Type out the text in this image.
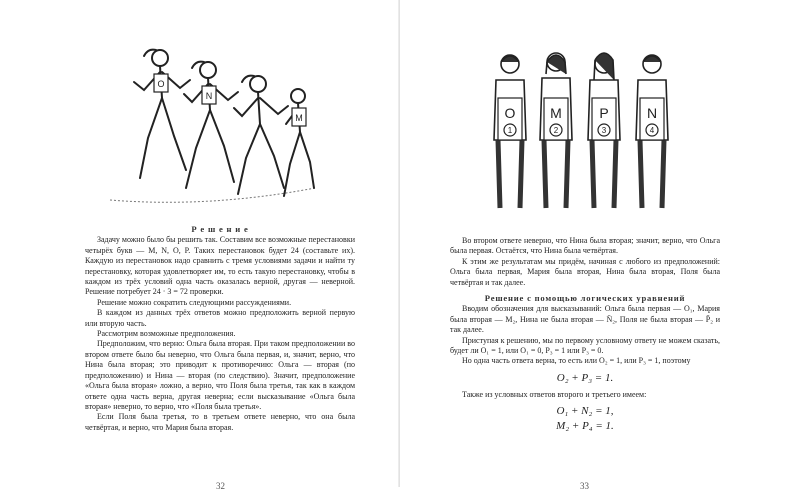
O
N
M

Р е ш е н и е

Задачу можно было бы решить так. Составим все возможные перестановки четырёх букв — M, N, O, P. Таких перестановок будет 24 (составьте их). Каждую из перестановок надо сравнить с тремя условиями задачи и найти ту перестановку, которая удовлетворяет им, то есть такую перестановку, чтобы в каждом из трёх условий одна часть оказалась верной, другая — неверной. Решение потребует 24 · 3 = 72 проверки.

Решение можно сократить следующими рассуждениями.

В каждом из данных трёх ответов можно предположить верной первую или вторую часть.

Рассмотрим возможные предположения.

Предположим, что верно: Ольга была вторая. При таком предположении во втором ответе было бы неверно, что Ольга была первая, и, значит, верно, что Нина была вторая; это приводит к противоречию: Ольга — вторая (по предположению) и Нина — вторая (по следствию). Значит, предположение «Ольга была вторая» ложно, а верно, что Поля была третья, так как в каждом ответе одна часть верна, другая неверна; если высказывание «Ольга была вторая» неверно, то верно, что «Поля была третья».

Если Поля была третья, то в третьем ответе неверно, что она была четвёртая, и верно, что Мария была вторая.

32
O
1
M
2
P
3
N
4

Во втором ответе неверно, что Нина была вторая; значит, верно, что Ольга была первая. Остаётся, что Нина была четвёртая.

К этим же результатам мы придём, начиная с любого из предположений: Ольга была первая, Мария была вторая, Нина была вторая, Поля была четвёртая и так далее.

Решение с помощью логических уравнений

Вводим обозначения для высказываний: Ольга была первая — O₁, Мария была вторая — M₂, Нина не была вторая — N̄₂, Поля не была вторая — P̄₂ и так далее.

Приступая к решению, мы по первому условному ответу не можем сказать, будет ли O₁ = 1, или O₁ = 0, P₃ = 1 или P₃ = 0.

Но одна часть ответа верна, то есть или O₂ = 1, или P₃ = 1, поэтому

O₂ + P₃ = 1.

Также из условных ответов второго и третьего имеем:

O₁ + N₂ = 1,

M₂ + P₄ = 1.

33
